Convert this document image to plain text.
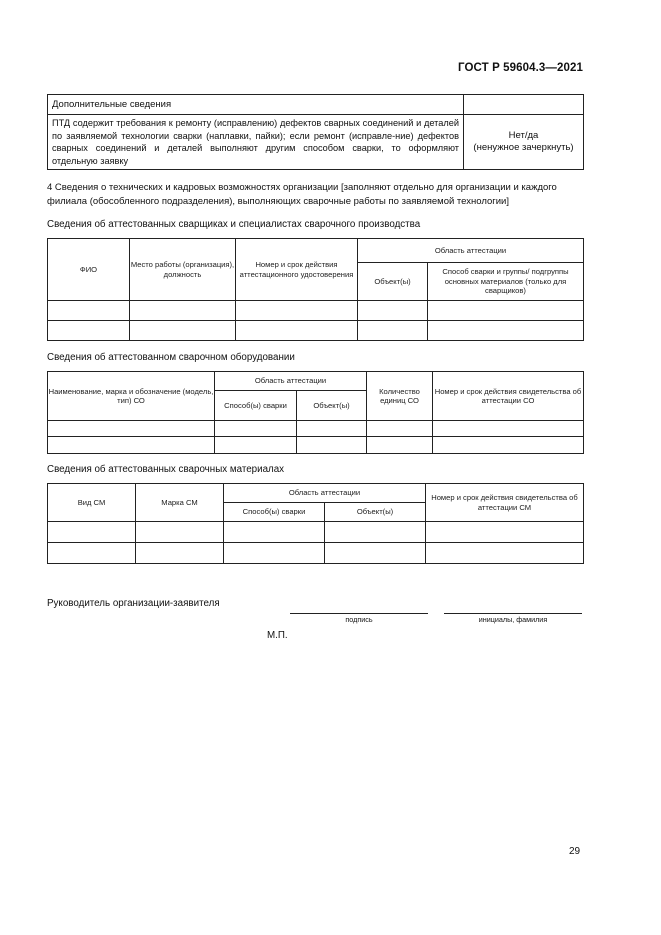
ГОСТ Р 59604.3—2021
Дополнительные сведения	
ПТД содержит требования к ремонту (исправлению) дефектов сварных соединений и деталей по заявляемой технологии сварки (наплавки, пайки); если ремонт (исправле-ние) дефектов сварных соединений и деталей выполняют другим способом сварки, то оформляют отдельную заявку	Нет/да
(ненужное зачеркнуть)
4 Сведения о технических и кадровых возможностях организации [заполняют отдельно для организации и каждого филиала (обособленного подразделения), выполняющих сварочные работы по заявляемой технологии]
Сведения об аттестованных сварщиках и специалистах сварочного производства
ФИО	Место работы (организация), должность	Номер и срок действия аттестационного удостоверения	Область аттестации	
			Объект(ы)	Способ сварки и группы/ подгруппы основных материалов (только для сварщиков)

Сведения об аттестованном сварочном оборудовании
Наименование, марка и обозначение (модель, тип) СО	Область аттестации		Количество единиц СО	Номер и срок действия свидетельства об аттестации СО
	Способ(ы) сварки	Объект(ы)		

Сведения об аттестованных сварочных материалах
Вид СМ	Марка СМ	Область аттестации		Номер и срок действия свидетельства об аттестации СМ
		Способ(ы) сварки	Объект(ы)	

Руководитель организации-заявителя
подпись	инициалы, фамилия
М.П.
29
